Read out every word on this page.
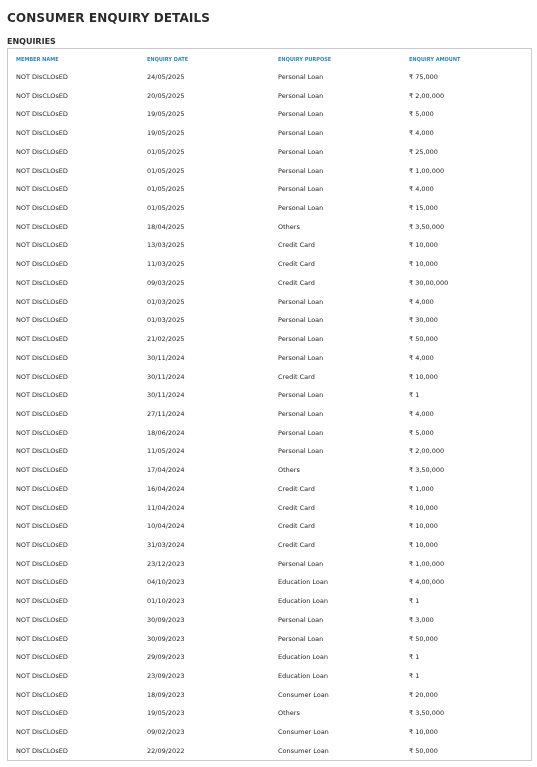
CONSUMER ENQUIRY DETAILS
ENQUIRIES
MEMBER NAME	ENQUIRY DATE	ENQUIRY PURPOSE	ENQUIRY AMOUNT
NOT DIsCLOsED	24/05/2025	Personal Loan	₹ 75,000
NOT DIsCLOsED	20/05/2025	Personal Loan	₹ 2,00,000
NOT DIsCLOsED	19/05/2025	Personal Loan	₹ 5,000
NOT DIsCLOsED	19/05/2025	Personal Loan	₹ 4,000
NOT DIsCLOsED	01/05/2025	Personal Loan	₹ 25,000
NOT DIsCLOsED	01/05/2025	Personal Loan	₹ 1,00,000
NOT DIsCLOsED	01/05/2025	Personal Loan	₹ 4,000
NOT DIsCLOsED	01/05/2025	Personal Loan	₹ 15,000
NOT DIsCLOsED	18/04/2025	Others	₹ 3,50,000
NOT DIsCLOsED	13/03/2025	Credit Card	₹ 10,000
NOT DIsCLOsED	11/03/2025	Credit Card	₹ 10,000
NOT DIsCLOsED	09/03/2025	Credit Card	₹ 30,00,000
NOT DIsCLOsED	01/03/2025	Personal Loan	₹ 4,000
NOT DIsCLOsED	01/03/2025	Personal Loan	₹ 30,000
NOT DIsCLOsED	21/02/2025	Personal Loan	₹ 50,000
NOT DIsCLOsED	30/11/2024	Personal Loan	₹ 4,000
NOT DIsCLOsED	30/11/2024	Credit Card	₹ 10,000
NOT DIsCLOsED	30/11/2024	Personal Loan	₹ 1
NOT DIsCLOsED	27/11/2024	Personal Loan	₹ 4,000
NOT DIsCLOsED	18/06/2024	Personal Loan	₹ 5,000
NOT DIsCLOsED	11/05/2024	Personal Loan	₹ 2,00,000
NOT DIsCLOsED	17/04/2024	Others	₹ 3,50,000
NOT DIsCLOsED	16/04/2024	Credit Card	₹ 1,000
NOT DIsCLOsED	11/04/2024	Credit Card	₹ 10,000
NOT DIsCLOsED	10/04/2024	Credit Card	₹ 10,000
NOT DIsCLOsED	31/03/2024	Credit Card	₹ 10,000
NOT DIsCLOsED	23/12/2023	Personal Loan	₹ 1,00,000
NOT DIsCLOsED	04/10/2023	Education Loan	₹ 4,00,000
NOT DIsCLOsED	01/10/2023	Education Loan	₹ 1
NOT DIsCLOsED	30/09/2023	Personal Loan	₹ 3,000
NOT DIsCLOsED	30/09/2023	Personal Loan	₹ 50,000
NOT DIsCLOsED	29/09/2023	Education Loan	₹ 1
NOT DIsCLOsED	23/09/2023	Education Loan	₹ 1
NOT DIsCLOsED	18/09/2023	Consumer Loan	₹ 20,000
NOT DIsCLOsED	19/05/2023	Others	₹ 3,50,000
NOT DIsCLOsED	09/02/2023	Consumer Loan	₹ 10,000
NOT DIsCLOsED	22/09/2022	Consumer Loan	₹ 50,000
